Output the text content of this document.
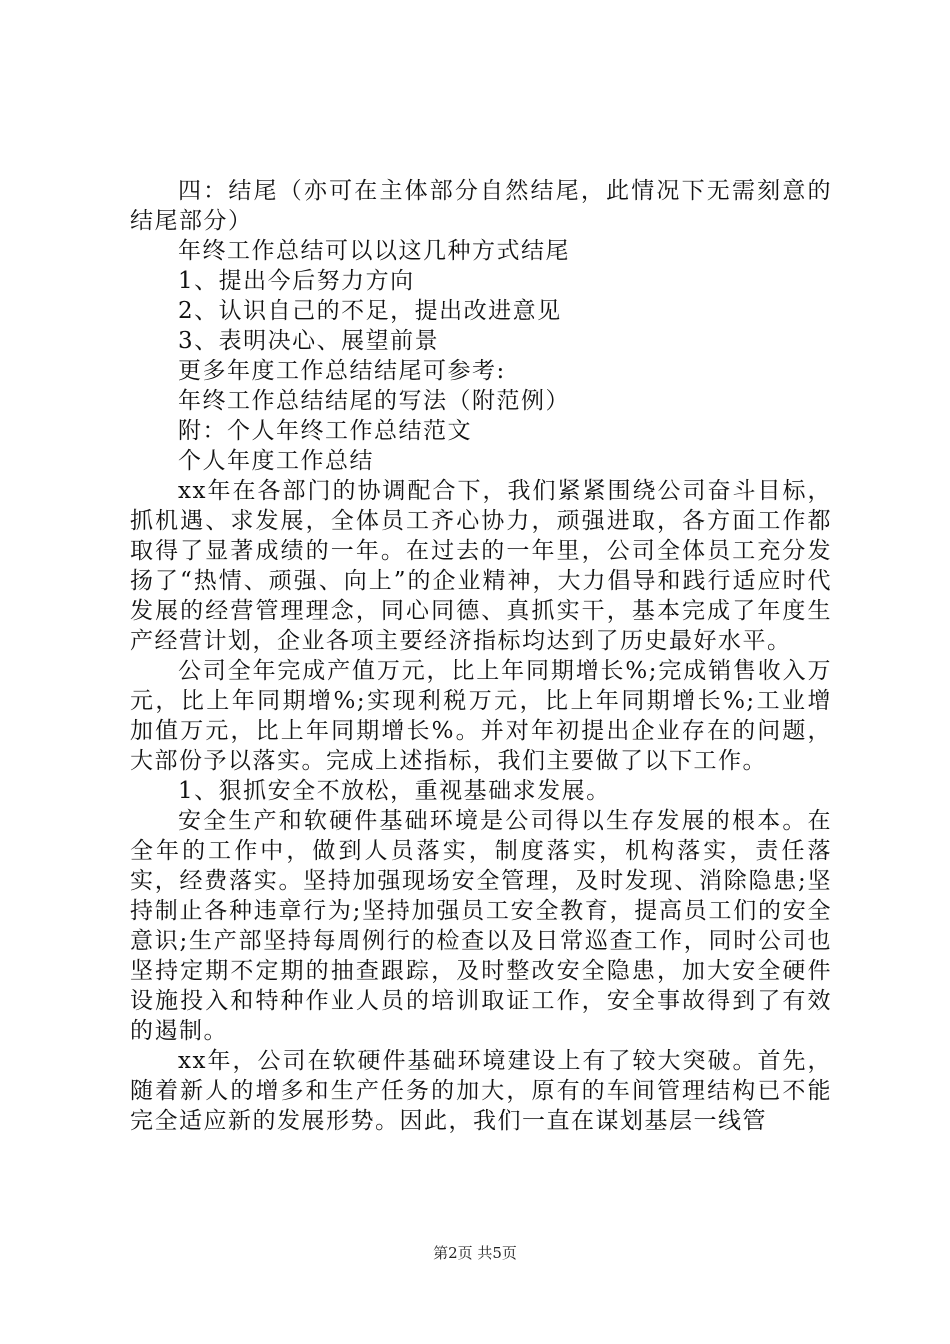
四：结尾（亦可在主体部分自然结尾，此情况下无需刻意的结尾部分）

年终工作总结可以以这几种方式结尾

1、提出今后努力方向

2、认识自己的不足，提出改进意见

3、表明决心、展望前景

更多年度工作总结结尾可参考:

年终工作总结结尾的写法（附范例）

附：个人年终工作总结范文

个人年度工作总结

xx年在各部门的协调配合下，我们紧紧围绕公司奋斗目标，抓机遇、求发展，全体员工齐心协力，顽强进取，各方面工作都取得了显著成绩的一年。在过去的一年里，公司全体员工充分发扬了“热情、顽强、向上”的企业精神，大力倡导和践行适应时代发展的经营管理理念，同心同德、真抓实干，基本完成了年度生产经营计划，企业各项主要经济指标均达到了历史最好水平。

公司全年完成产值万元，比上年同期增长%;完成销售收入万元，比上年同期增%;实现利税万元，比上年同期增长%;工业增加值万元，比上年同期增长%。并对年初提出企业存在的问题，大部份予以落实。完成上述指标，我们主要做了以下工作。

1、狠抓安全不放松，重视基础求发展。

安全生产和软硬件基础环境是公司得以生存发展的根本。在全年的工作中，做到人员落实，制度落实，机构落实，责任落实，经费落实。坚持加强现场安全管理，及时发现、消除隐患;坚持制止各种违章行为;坚持加强员工安全教育，提高员工们的安全意识;生产部坚持每周例行的检查以及日常巡查工作，同时公司也坚持定期不定期的抽查跟踪，及时整改安全隐患，加大安全硬件设施投入和特种作业人员的培训取证工作，安全事故得到了有效的遏制。

xx年，公司在软硬件基础环境建设上有了较大突破。首先，随着新人的增多和生产任务的加大，原有的车间管理结构已不能完全适应新的发展形势。因此，我们一直在谋划基层一线管

第2页 共5页
